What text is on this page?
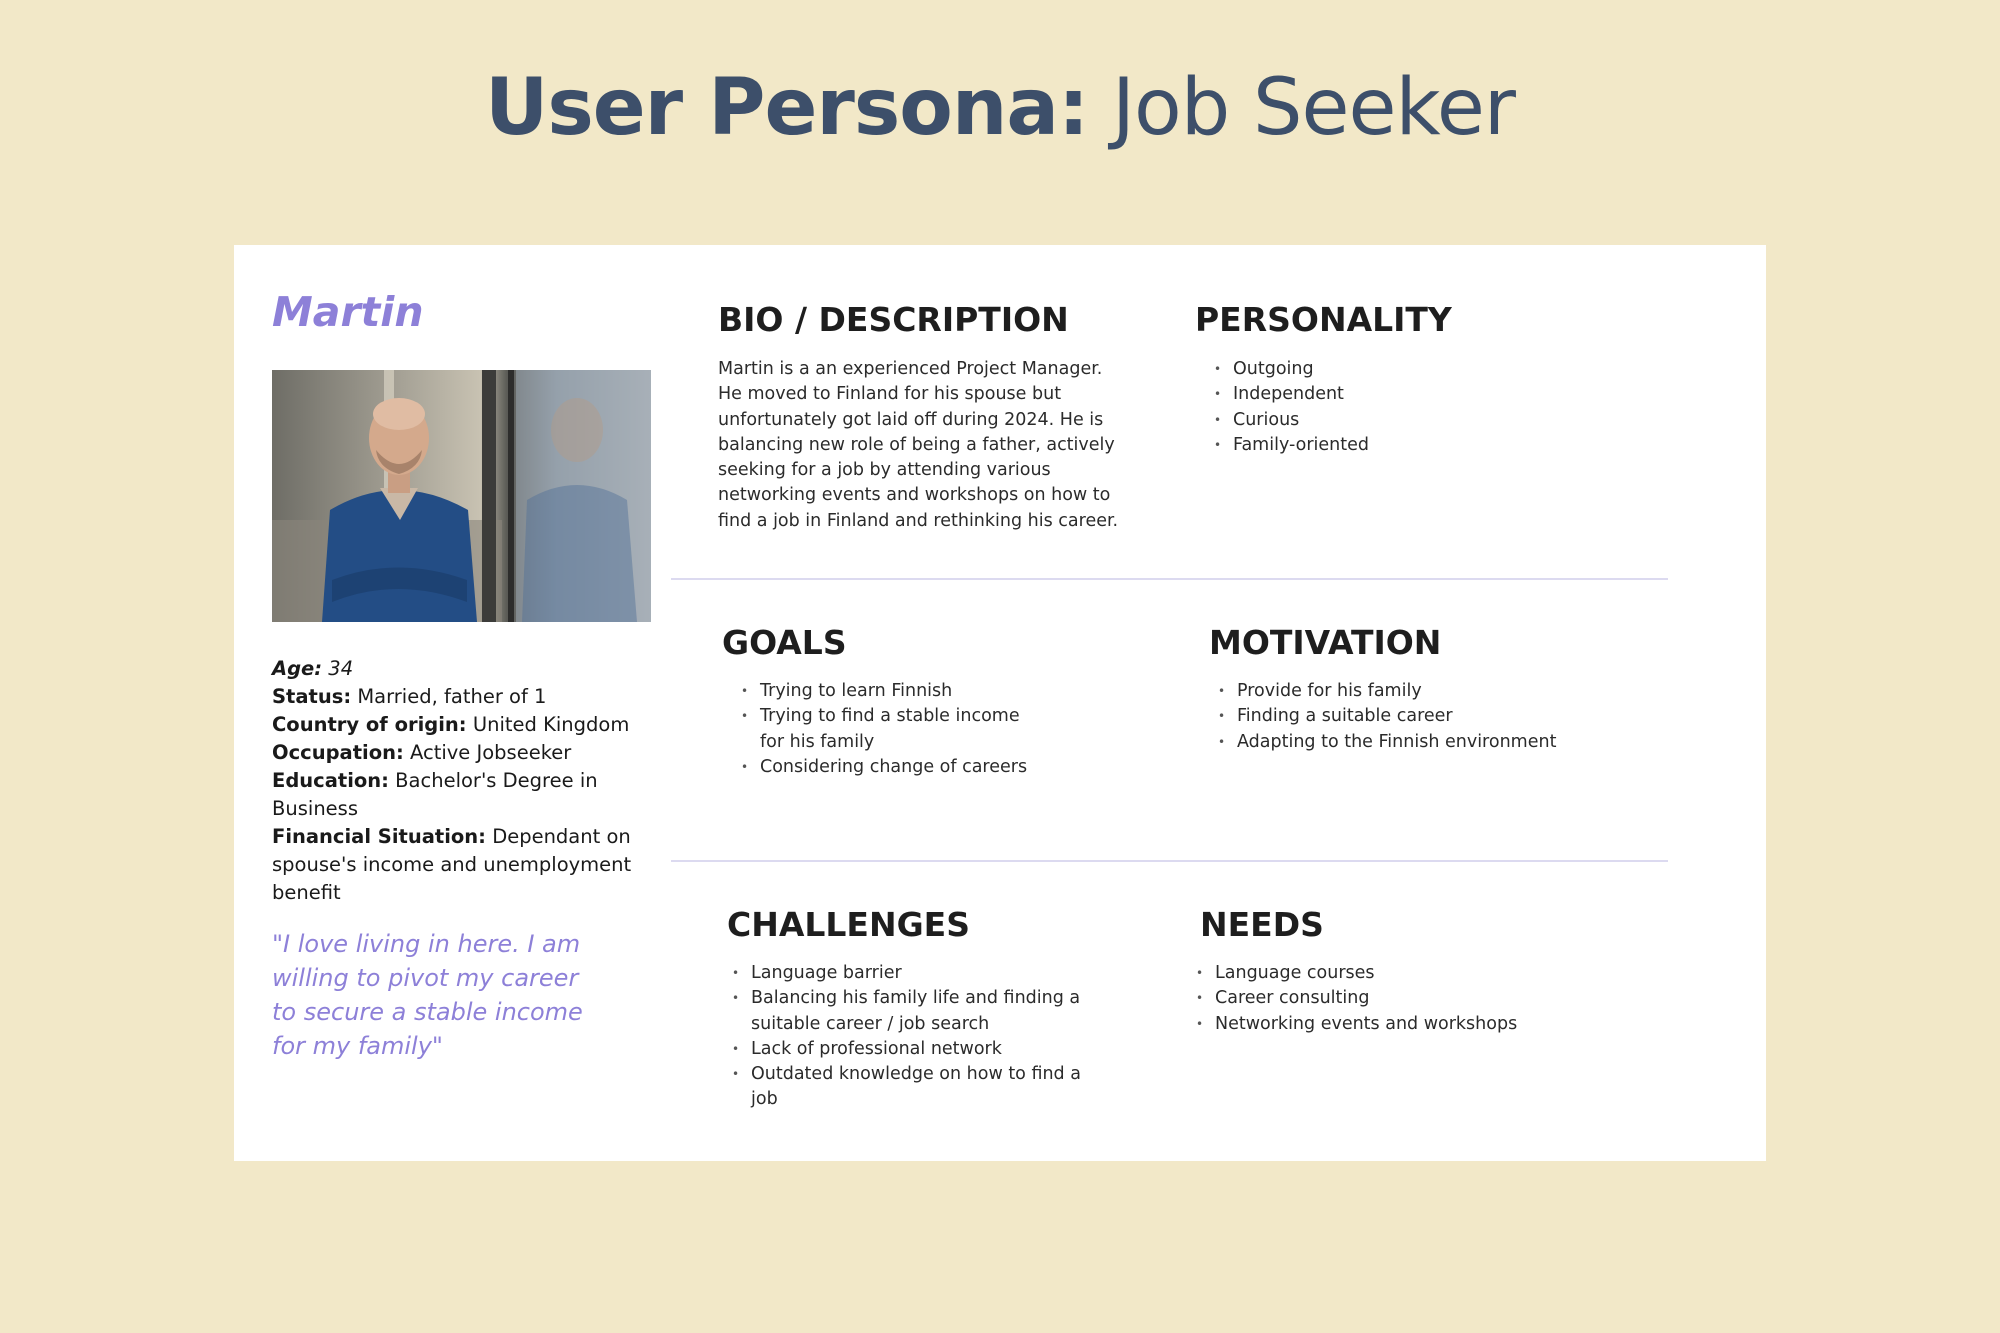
User Persona: Job Seeker
Martin
Age: 34
Status: Married, father of 1
Country of origin: United Kingdom
Occupation: Active Jobseeker
Education: Bachelor's Degree in Business
Financial Situation: Dependant on spouse's income and unemployment benefit
"I love living in here. I am willing to pivot my career to secure a stable income for my family"
BIO / DESCRIPTION
Martin is a an experienced Project Manager. He moved to Finland for his spouse but unfortunately got laid off during 2024. He is balancing new role of being a father, actively seeking for a job by attending various networking events and workshops on how to find a job in Finland and rethinking his career.
PERSONALITY
• Outgoing
• Independent
• Curious
• Family-oriented
GOALS
• Trying to learn Finnish
• Trying to find a stable income for his family
• Considering change of careers
MOTIVATION
• Provide for his family
• Finding a suitable career
• Adapting to the Finnish environment
CHALLENGES
• Language barrier
• Balancing his family life and finding a suitable career / job search
• Lack of professional network
• Outdated knowledge on how to find a job
NEEDS
• Language courses
• Career consulting
• Networking events and workshops
